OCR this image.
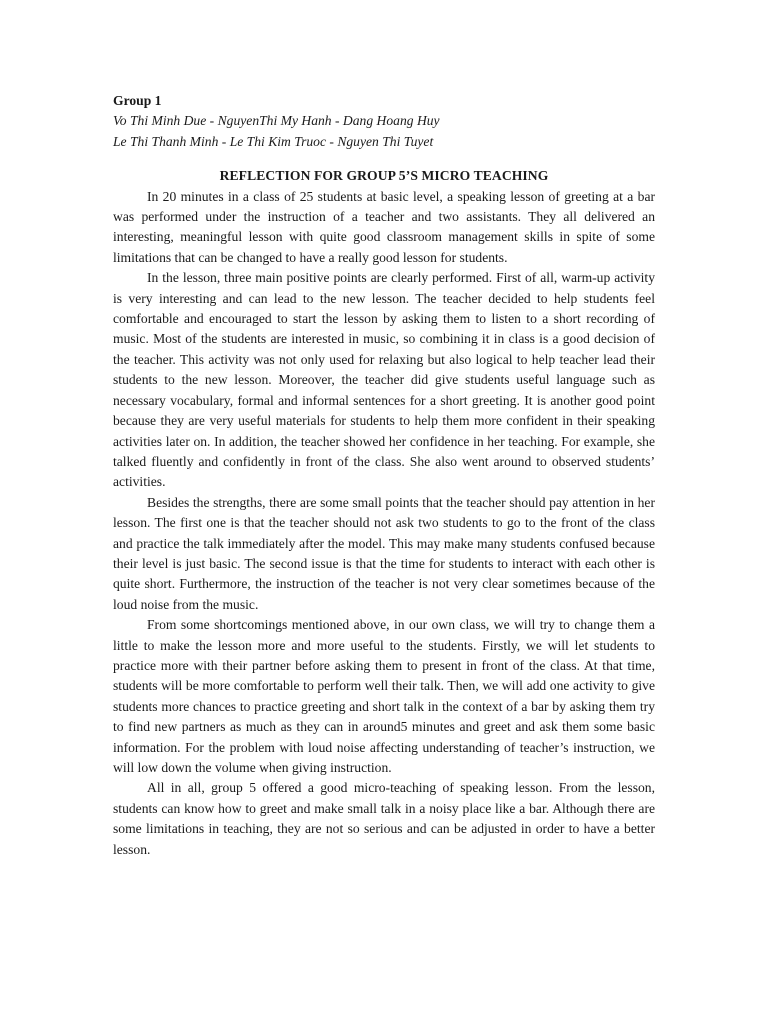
Group 1

Vo Thi Minh Due - NguyenThi My Hanh - Dang Hoang Huy

Le Thi Thanh Minh - Le Thi Kim Truoc - Nguyen Thi Tuyet

REFLECTION FOR GROUP 5’S MICRO TEACHING

In 20 minutes in a class of 25 students at basic level, a speaking lesson of greeting at a bar was performed under the instruction of a teacher and two assistants. They all delivered an interesting, meaningful lesson with quite good classroom management skills in spite of some limitations that can be changed to have a really good lesson for students.

In the lesson, three main positive points are clearly performed. First of all, warm-up activity is very interesting and can lead to the new lesson. The teacher decided to help students feel comfortable and encouraged to start the lesson by asking them to listen to a short recording of music. Most of the students are interested in music, so combining it in class is a good decision of the teacher. This activity was not only used for relaxing but also logical to help teacher lead their students to the new lesson. Moreover, the teacher did give students useful language such as necessary vocabulary, formal and informal sentences for a short greeting. It is another good point because they are very useful materials for students to help them more confident in their speaking activities later on. In addition, the teacher showed her confidence in her teaching. For example, she talked fluently and confidently in front of the class. She also went around to observed students’ activities.

Besides the strengths, there are some small points that the teacher should pay attention in her lesson. The first one is that the teacher should not ask two students to go to the front of the class and practice the talk immediately after the model. This may make many students confused because their level is just basic. The second issue is that the time for students to interact with each other is quite short. Furthermore, the instruction of the teacher is not very clear sometimes because of the loud noise from the music.

From some shortcomings mentioned above, in our own class, we will try to change them a little to make the lesson more and more useful to the students. Firstly, we will let students to practice more with their partner before asking them to present in front of the class. At that time, students will be more comfortable to perform well their talk. Then, we will add one activity to give students more chances to practice greeting and short talk in the context of a bar by asking them try to find new partners as much as they can in around5 minutes and greet and ask them some basic information. For the problem with loud noise affecting understanding of teacher’s instruction, we will low down the volume when giving instruction.

All in all, group 5 offered a good micro-teaching of speaking lesson. From the lesson, students can know how to greet and make small talk in a noisy place like a bar. Although there are some limitations in teaching, they are not so serious and can be adjusted in order to have a better lesson.
